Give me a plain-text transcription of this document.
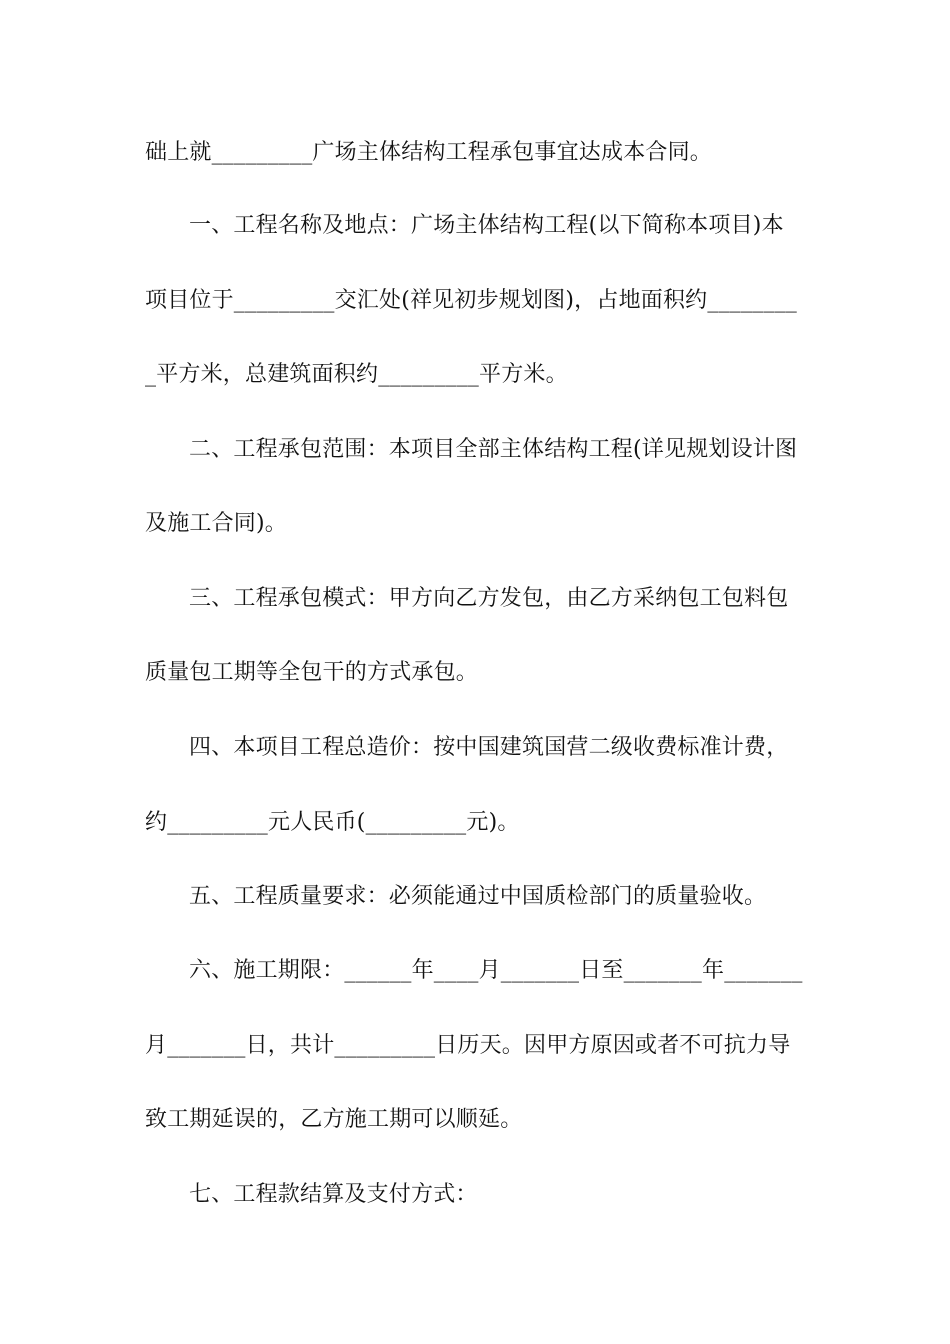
础上就_________广场主体结构工程承包事宜达成本合同。
一、工程名称及地点：广场主体结构工程(以下简称本项目)本
项目位于_________交汇处(祥见初步规划图)，占地面积约________
_平方米，总建筑面积约_________平方米。
二、工程承包范围：本项目全部主体结构工程(详见规划设计图
及施工合同)。
三、工程承包模式：甲方向乙方发包，由乙方采纳包工包料包
质量包工期等全包干的方式承包。
四、本项目工程总造价：按中国建筑国营二级收费标准计费，
约_________元人民币(_________元)。
五、工程质量要求：必须能通过中国质检部门的质量验收。
六、施工期限：______年____月_______日至_______年_______
月_______日，共计_________日历天。因甲方原因或者不可抗力导
致工期延误的，乙方施工期可以顺延。
七、工程款结算及支付方式：
